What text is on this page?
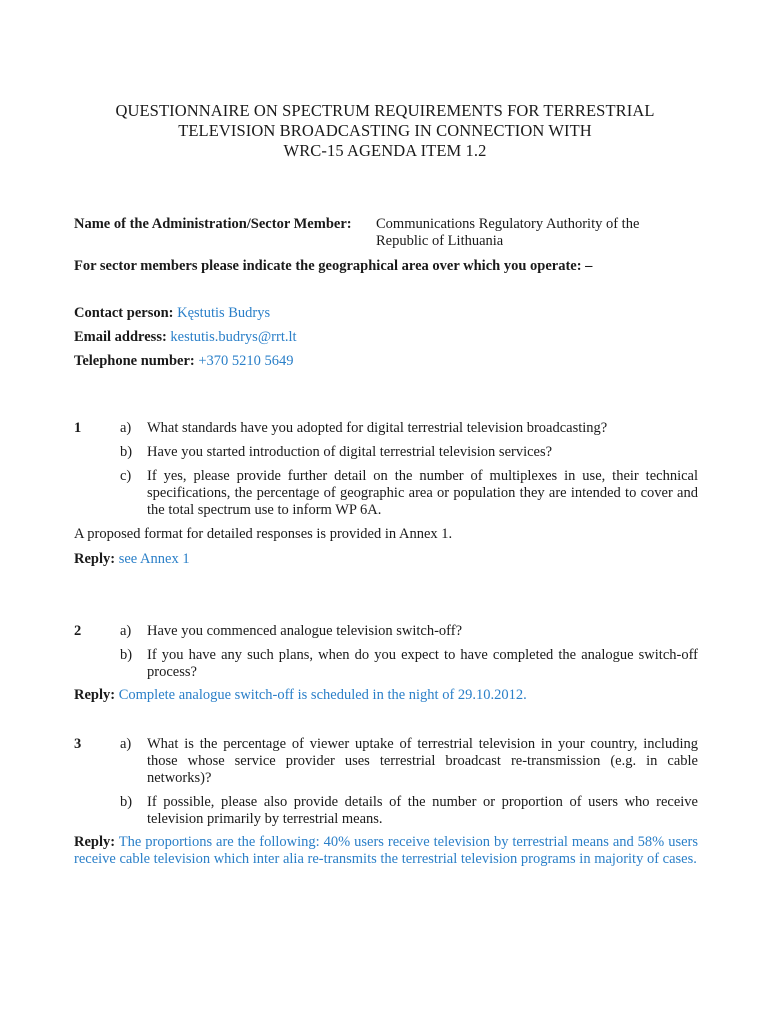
QUESTIONNAIRE ON SPECTRUM REQUIREMENTS FOR TERRESTRIAL
TELEVISION BROADCASTING IN CONNECTION WITH
WRC-15 AGENDA ITEM 1.2
Name of the Administration/Sector Member: Communications Regulatory Authority of the
Republic of Lithuania
For sector members please indicate the geographical area over which you operate: –
Contact person: Kęstutis Budrys
Email address: kestutis.budrys@rrt.lt
Telephone number: +370 5210 5649
1	a) What standards have you adopted for digital terrestrial television broadcasting?
b) Have you started introduction of digital terrestrial television services?
c) If yes, please provide further detail on the number of multiplexes in use, their technical specifications, the percentage of geographic area or population they are intended to cover and the total spectrum use to inform WP 6A.
A proposed format for detailed responses is provided in Annex 1.
Reply: see Annex 1
2	a) Have you commenced analogue television switch-off?
b) If you have any such plans, when do you expect to have completed the analogue switch-off process?
Reply: Complete analogue switch-off is scheduled in the night of 29.10.2012.
3	a) What is the percentage of viewer uptake of terrestrial television in your country, including those whose service provider uses terrestrial broadcast re-transmission (e.g. in cable networks)?
b) If possible, please also provide details of the number or proportion of users who receive television primarily by terrestrial means.
Reply: The proportions are the following: 40% users receive television by terrestrial means and 58% users receive cable television which inter alia re-transmits the terrestrial television programs in majority of cases.
